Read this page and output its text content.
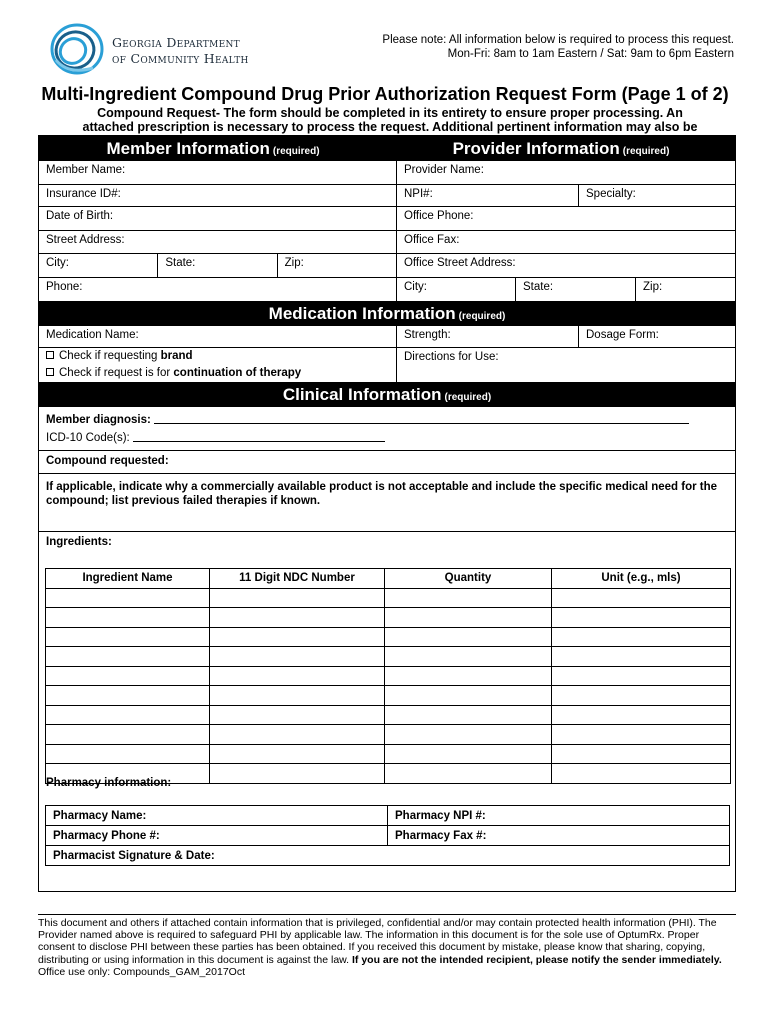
Georgia Department
of Community Health
Please note: All information below is required to process this request.
Mon-Fri: 8am to 1am Eastern / Sat: 9am to 6pm Eastern
Multi-Ingredient Compound Drug Prior Authorization Request Form (Page 1 of 2)
Compound Request- The form should be completed in its entirety to ensure proper processing. An attached prescription is necessary to process the request. Additional pertinent information may also be
Member Information (required)	Provider Information (required)
Member Name:	Provider Name:
Insurance ID#:	NPI#:	Specialty:
Date of Birth:	Office Phone:
Street Address:	Office Fax:
City:	State:	Zip:	Office Street Address:
Phone:	City:	State:	Zip:
Medication Information (required)
Medication Name:	Strength:	Dosage Form:
Check if requesting brand
Check if request is for continuation of therapy
Directions for Use:
Clinical Information (required)
Member diagnosis:
ICD-10 Code(s):
Compound requested:
If applicable, indicate why a commercially available product is not acceptable and include the specific medical need for the compound; list previous failed therapies if known.
Ingredients:
Pharmacy information:
Ingredient Name	11 Digit NDC Number	Quantity	Unit (e.g., mls)

Pharmacy Name:	Pharmacy NPI #:
Pharmacy Phone #:	Pharmacy Fax #:
Pharmacist Signature & Date:	
This document and others if attached contain information that is privileged, confidential and/or may contain protected health information (PHI). The Provider named above is required to safeguard PHI by applicable law. The information in this document is for the sole use of OptumRx. Proper consent to disclose PHI between these parties has been obtained. If you received this document by mistake, please know that sharing, copying, distributing or using information in this document is against the law. If you are not the intended recipient, please notify the sender immediately.
Office use only: Compounds_GAM_2017Oct
